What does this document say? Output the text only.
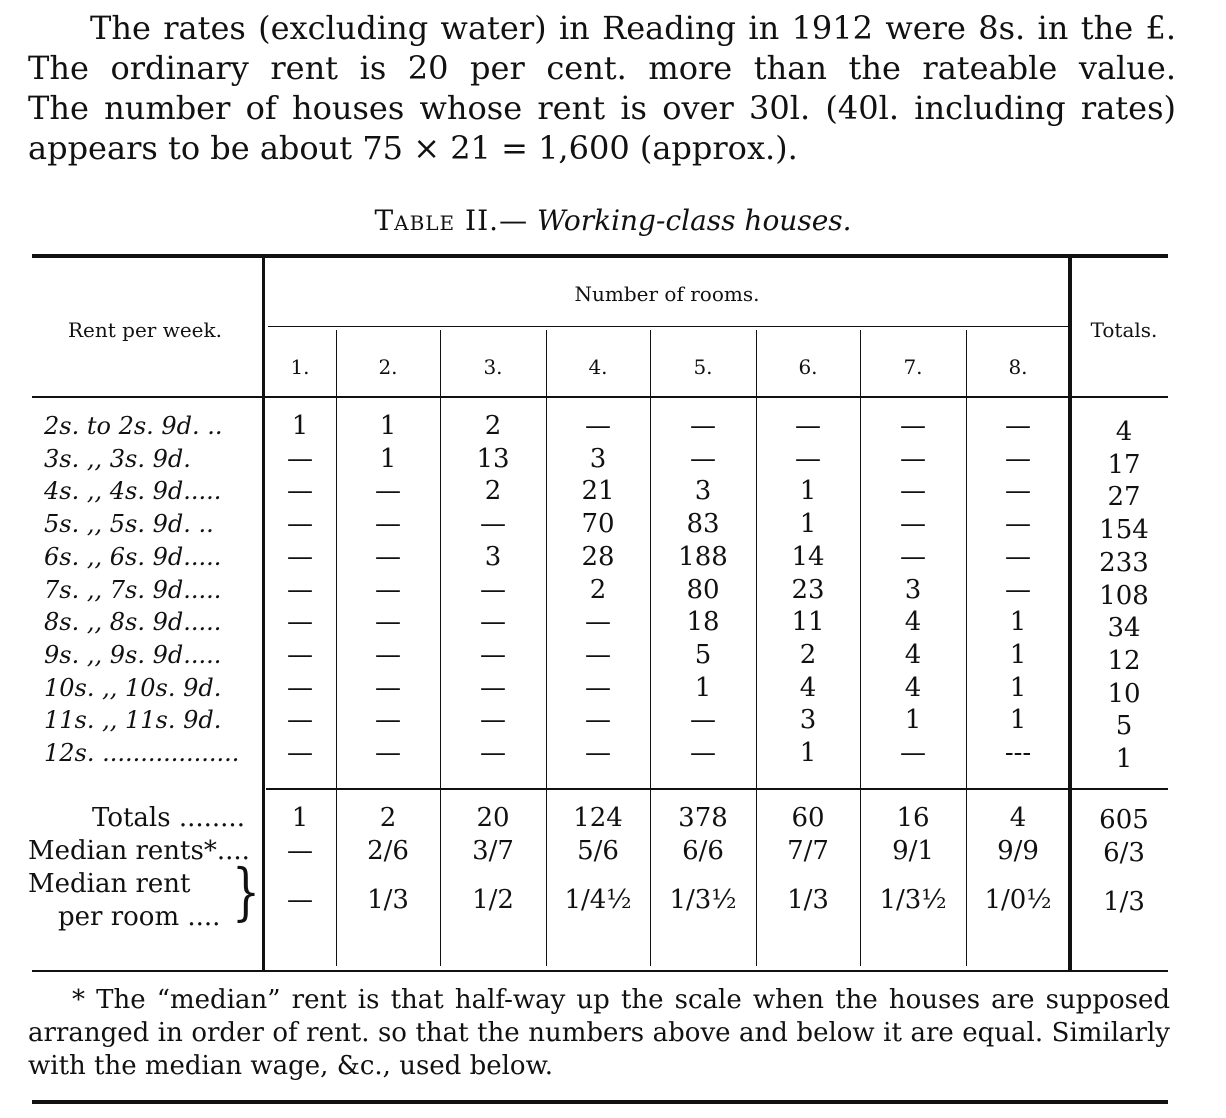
The rates (excluding water) in Reading in 1912 were 8s. in the £.

The ordinary rent is 20 per cent. more than the rateable value.

The number of houses whose rent is over 30l. (40l. including rates)

appears to be about 75 × 21 = 1,600 (approx.).

Table II.— Working-class houses.
Rent per week.
Number of rooms.
Totals.
1.	2.	3.	4.	5.	6.	7.	8.
2s. to 2s. 9d. ..	1	1	2	—	—	—	—	—	4
3s. ,, 3s. 9d.	—	1	13	3	—	—	—	—	17
4s. ,, 4s. 9d.....	—	—	2	21	3	1	—	—	27
5s. ,, 5s. 9d. ..	—	—	—	70	83	1	—	—	154
6s. ,, 6s. 9d.....	—	—	3	28	188	14	—	—	233
7s. ,, 7s. 9d.....	—	—	—	2	80	23	3	—	108
8s. ,, 8s. 9d.....	—	—	—	—	18	11	4	1	34
9s. ,, 9s. 9d.....	—	—	—	—	5	2	4	1	12
10s. ,, 10s. 9d.	—	—	—	—	1	4	4	1	10
11s. ,, 11s. 9d.	—	—	—	—	—	3	1	1	5
12s. ..................	—	—	—	—	—	1	—	---	1
Totals ........	1	2	20	124	378	60	16	4	605
Median rents*....	—	2/6	3/7	5/6	6/6	7/7	9/1	9/9	6/3
Median rent
per room .... }	—	1/3	1/2	1/4½	1/3½	1/3	1/3½	1/0½	1/3

* The “median” rent is that half-way up the scale when the houses are supposed arranged in order of rent. so that the numbers above and below it are equal. Similarly with the median wage, &c., used below.
